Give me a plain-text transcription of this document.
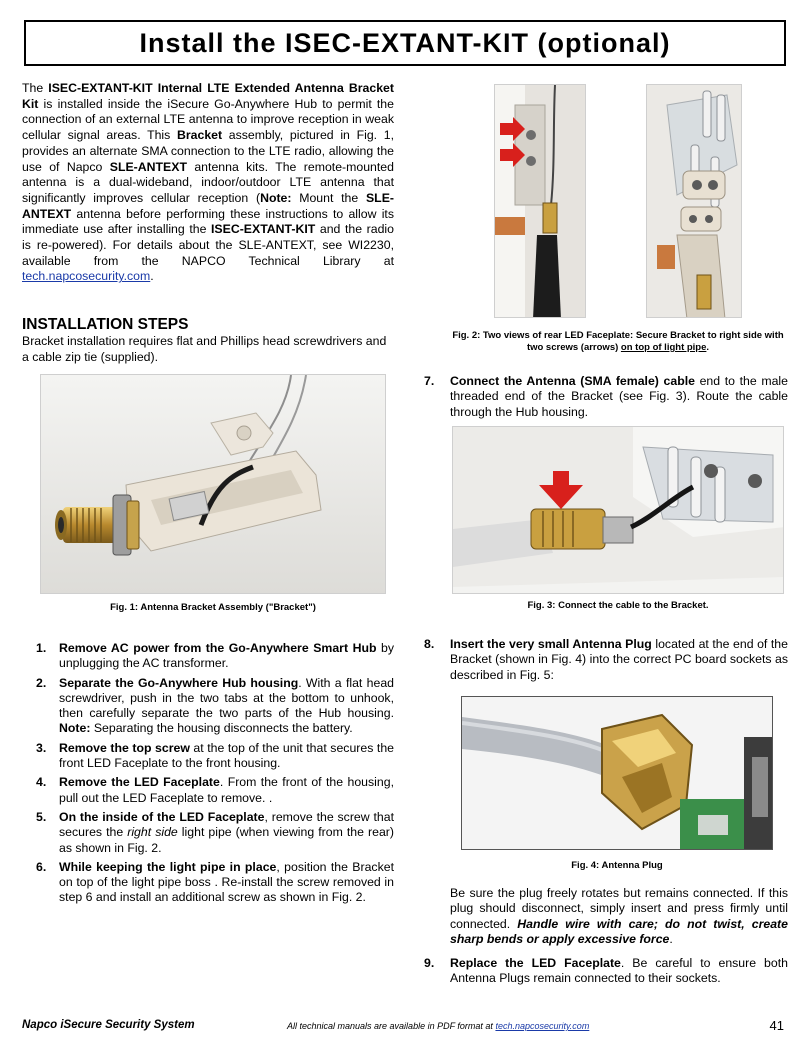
Install the ISEC-EXTANT-KIT (optional)

The ISEC-EXTANT-KIT Internal LTE Extended Antenna Bracket Kit is installed inside the iSecure Go-Anywhere Hub to permit the connection of an external LTE antenna to improve reception in weak cellular signal areas. This Bracket assembly, pictured in Fig. 1, provides an alternate SMA connection to the LTE radio, allowing the use of Napco SLE-ANTEXT antenna kits. The remote-mounted antenna is a dual-wideband, indoor/outdoor LTE antenna that significantly improves cellular reception (Note: Mount the SLE-ANTEXT antenna before performing these instructions to allow its immediate use after installing the ISEC-EXTANT-KIT and the radio is re-powered). For details about the SLE-ANTEXT, see WI2230, available from the NAPCO Technical Library at tech.napcosecurity.com.

INSTALLATION STEPS

Bracket installation requires flat and Phillips head screwdrivers and a cable zip tie (supplied).

Fig. 1: Antenna Bracket Assembly ("Bracket")
1. Remove AC power from the Go-Anywhere Smart Hub by unplugging the AC transformer.
2. Separate the Go-Anywhere Hub housing. With a flat head screwdriver, push in the two tabs at the bottom to unhook, then carefully separate the two parts of the Hub housing. Note: Separating the housing disconnects the battery.
3. Remove the top screw at the top of the unit that secures the front LED Faceplate to the front housing.
4. Remove the LED Faceplate. From the front of the housing, pull out the LED Faceplate to remove. .
5. On the inside of the LED Faceplate, remove the screw that secures the right side light pipe (when viewing from the rear) as shown in Fig. 2.
6. While keeping the light pipe in place, position the Bracket on top of the light pipe boss . Re-install the screw removed in step 6 and install an additional screw as shown in Fig. 2.
Fig. 2: Two views of rear LED Faceplate: Secure Bracket to right side with two screws (arrows) on top of light pipe.
7.	Connect the Antenna (SMA female) cable end to the male threaded end of the Bracket (see Fig. 3). Route the cable through the Hub housing.
Fig. 3: Connect the cable to the Bracket.
8.	Insert the very small Antenna Plug located at the end of the Bracket (shown in Fig. 4) into the correct PC board sockets as described in Fig. 5:
Fig. 4: Antenna Plug

Be sure the plug freely rotates but remains connected. If this plug should disconnect, simply insert and press firmly until connected. Handle wire with care; do not twist, create sharp bends or apply excessive force.

9.	Replace the LED Faceplate. Be careful to ensure both Antenna Plugs remain connected to their sockets.
Napco iSecure Security System	All technical manuals are available in PDF format at tech.napcosecurity.com	41
